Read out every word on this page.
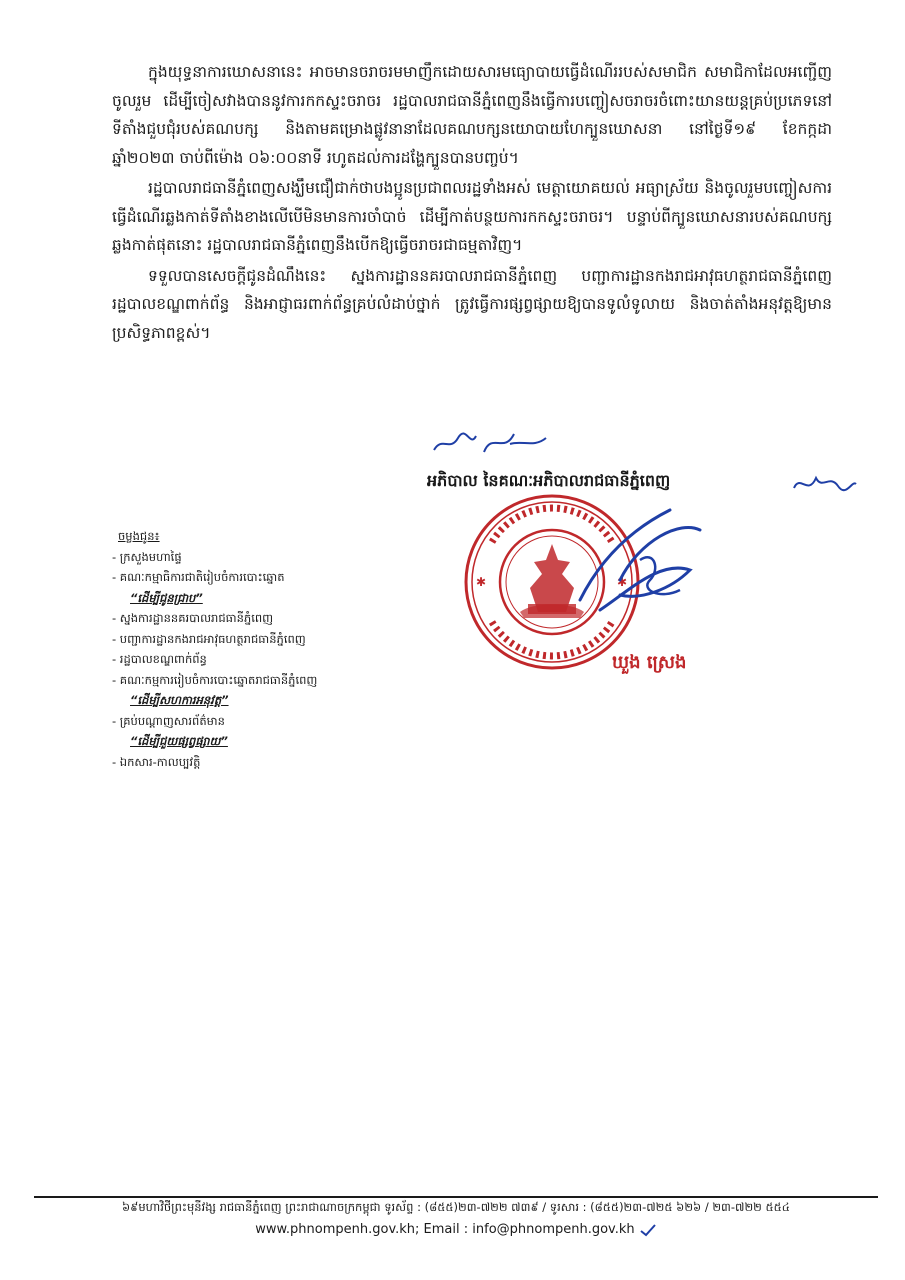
ក្នុងយុទ្ធនាការឃោសនានេះ អាចមានចរាចរមមាញឹកដោយសារមធ្យោបាយធ្វើដំណើររបស់សមាជិក សមាជិកាដែលអញ្ជើញចូលរួម ដើម្បីចៀសវាងបាននូវការកកស្ទះចរាចរ រដ្ឋបាលរាជធានីភ្នំពេញនឹងធ្វើការបញ្ចៀសចរាចរចំពោះយានយន្តគ្រប់ប្រភេទនៅទីតាំងជួបជុំរបស់គណបក្ស និងតាមគម្រោងផ្លូវនានាដែលគណបក្សនយោបាយហែក្បួនឃោសនា នៅថ្ងៃទី១៩ ខែកក្កដា ឆ្នាំ២០២៣ ចាប់ពីម៉ោង ០៦:០០នាទី រហូតដល់ការដង្ហែក្បួនបានបញ្ចប់។

រដ្ឋបាលរាជធានីភ្នំពេញសង្ឃឹមជឿជាក់ថាបងប្អូនប្រជាពលរដ្ឋទាំងអស់ មេត្តាយោគយល់ អធ្យាស្រ័យ និងចូលរួមបញ្ចៀសការធ្វើដំណើរឆ្លងកាត់ទីតាំងខាងលើបើមិនមានការចាំបាច់ ដើម្បីកាត់បន្ថយការកកស្ទះចរាចរ។ បន្ទាប់ពីក្បួនឃោសនារបស់គណបក្សឆ្លងកាត់ផុតនោះ រដ្ឋបាលរាជធានីភ្នំពេញនឹងបើកឱ្យធ្វើចរាចរជាធម្មតាវិញ។

ទទួលបានសេចក្ដីជូនដំណឹងនេះ ស្នងការដ្ឋាននគរបាលរាជធានីភ្នំពេញ បញ្ជាការដ្ឋានកងរាជអាវុធហត្ថរាជធានីភ្នំពេញ រដ្ឋបាលខណ្ឌពាក់ព័ន្ធ និងអាជ្ញាធរពាក់ព័ន្ធគ្រប់លំដាប់ថ្នាក់ ត្រូវធ្វើការផ្សព្វផ្សាយឱ្យបានទូលំទូលាយ និងចាត់តាំងអនុវត្តឱ្យមានប្រសិទ្ធភាពខ្ពស់។

អភិបាល នៃគណៈអភិបាលរាជធានីភ្នំពេញ
✱	✱
ឃួង ស្រេង
ចម្លងជូន៖
- ក្រសួងមហាផ្ទៃ
- គណៈកម្មាធិការជាតិរៀបចំការបោះឆ្នោត
“ដើម្បីជូនជ្រាប”
- ស្នងការដ្ឋាននគរបាលរាជធានីភ្នំពេញ
- បញ្ជាការដ្ឋានកងរាជអាវុធហត្ថរាជធានីភ្នំពេញ
- រដ្ឋបាលខណ្ឌពាក់ព័ន្ធ
- គណៈកម្មការរៀបចំការបោះឆ្នោតរាជធានីភ្នំពេញ
“ដើម្បីសហការអនុវត្ត”
- គ្រប់បណ្ដាញសារព័ត៌មាន
“ដើម្បីជួយផ្សព្វផ្សាយ”
- ឯកសារ-កាលប្បវត្តិ
៦៩មហាវិថីព្រះមុនីវង្ស រាជធានីភ្នំពេញ ព្រះរាជាណាចក្រកម្ពុជា ទូរស័ព្ទ : (៨៥៥)២៣-៧២២ ៧៣៩ / ទូរសារ : (៨៥៥)២៣-៧២៥ ៦២៦ / ២៣-៧២២ ៥៥៤
www.phnompenh.gov.kh; Email : info@phnompenh.gov.kh
